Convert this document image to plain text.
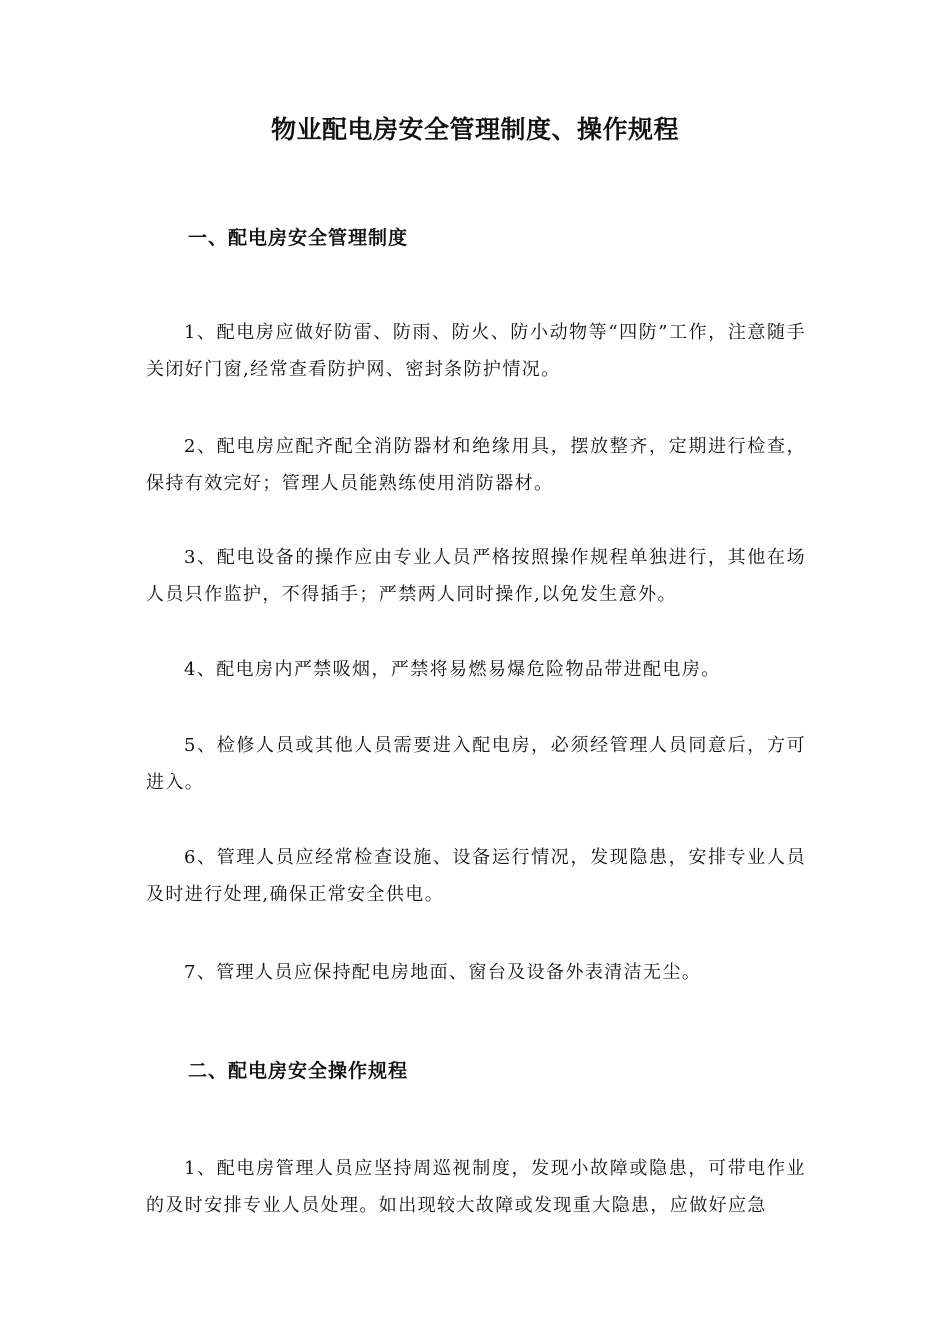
物业配电房安全管理制度、操作规程
一、配电房安全管理制度

1、配电房应做好防雷、防雨、防火、防小动物等“四防”工作，注意随手关闭好门窗,经常查看防护网、密封条防护情况。

2、配电房应配齐配全消防器材和绝缘用具，摆放整齐，定期进行检查，保持有效完好；管理人员能熟练使用消防器材。

3、配电设备的操作应由专业人员严格按照操作规程单独进行，其他在场人员只作监护，不得插手；严禁两人同时操作,以免发生意外。

4、配电房内严禁吸烟，严禁将易燃易爆危险物品带进配电房。

5、检修人员或其他人员需要进入配电房，必须经管理人员同意后，方可进入。

6、管理人员应经常检查设施、设备运行情况，发现隐患，安排专业人员及时进行处理,确保正常安全供电。

7、管理人员应保持配电房地面、窗台及设备外表清洁无尘。

二、配电房安全操作规程

1、配电房管理人员应坚持周巡视制度，发现小故障或隐患，可带电作业的及时安排专业人员处理。如出现较大故障或发现重大隐患，应做好应急
